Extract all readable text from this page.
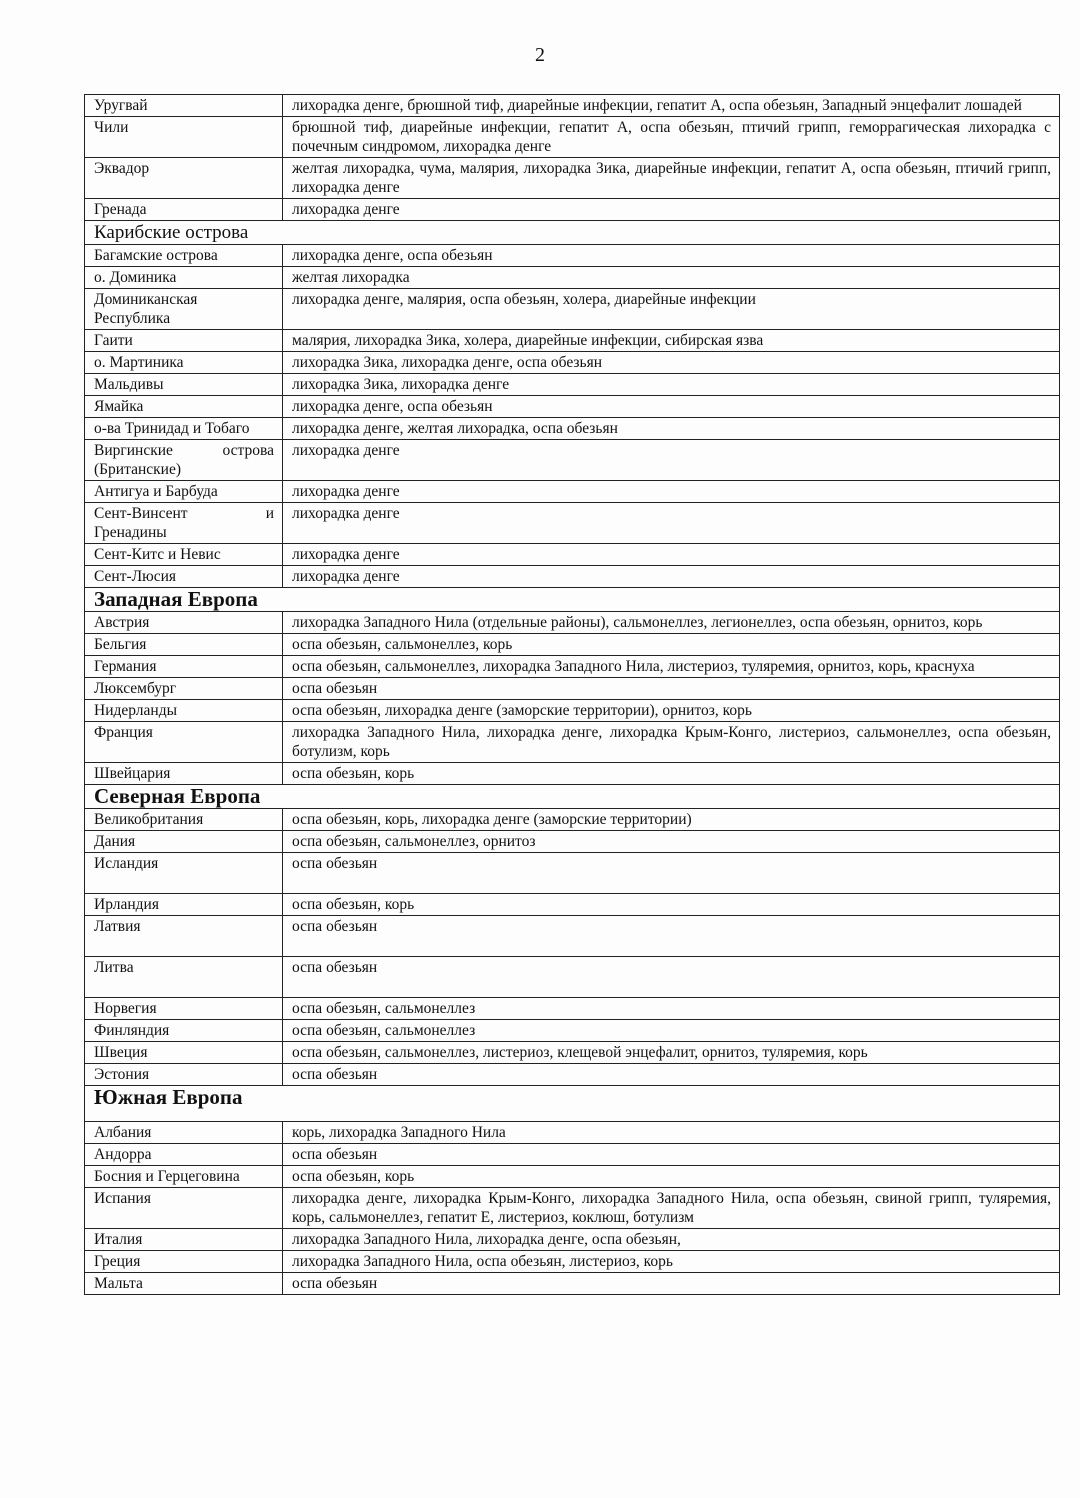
2
Уругвай	лихорадка денге, брюшной тиф, диарейные инфекции, гепатит А, оспа обезьян, Западный энцефалит лошадей
Чили	брюшной тиф, диарейные инфекции, гепатит А, оспа обезьян, птичий грипп, геморрагическая лихорадка с почечным синдромом, лихорадка денге
Эквадор	желтая лихорадка, чума, малярия, лихорадка Зика, диарейные инфекции, гепатит А, оспа обезьян, птичий грипп, лихорадка денге
Гренада	лихорадка денге
Карибские острова	
Багамские острова	лихорадка денге, оспа обезьян
о. Доминика	желтая лихорадка
Доминиканская Республика	лихорадка денге, малярия, оспа обезьян, холера, диарейные инфекции
Гаити	малярия, лихорадка Зика, холера, диарейные инфекции, сибирская язва
о. Мартиника	лихорадка Зика, лихорадка денге, оспа обезьян
Мальдивы	лихорадка Зика, лихорадка денге
Ямайка	лихорадка денге, оспа обезьян
о-ва Тринидад и Тобаго	лихорадка денге, желтая лихорадка, оспа обезьян
Виргинские острова (Британские)	лихорадка денге
Антигуа и Барбуда	лихорадка денге
Сент-Винсент и Гренадины	лихорадка денге
Сент-Китс и Невис	лихорадка денге
Сент-Люсия	лихорадка денге
Западная Европа	
Австрия	лихорадка Западного Нила (отдельные районы), сальмонеллез, легионеллез, оспа обезьян, орнитоз, корь
Бельгия	оспа обезьян, сальмонеллез, корь
Германия	оспа обезьян, сальмонеллез, лихорадка Западного Нила, листериоз, туляремия, орнитоз, корь, краснуха
Люксембург	оспа обезьян
Нидерланды	оспа обезьян, лихорадка денге (заморские территории), орнитоз, корь
Франция	лихорадка Западного Нила, лихорадка денге, лихорадка Крым-Конго, листериоз, сальмонеллез, оспа обезьян, ботулизм, корь
Швейцария	оспа обезьян, корь
Северная Европа	
Великобритания	оспа обезьян, корь, лихорадка денге (заморские территории)
Дания	оспа обезьян, сальмонеллез, орнитоз
Исландия	оспа обезьян
Ирландия	оспа обезьян, корь
Латвия	оспа обезьян
Литва	оспа обезьян
Норвегия	оспа обезьян, сальмонеллез
Финляндия	оспа обезьян, сальмонеллез
Швеция	оспа обезьян, сальмонеллез, листериоз, клещевой энцефалит, орнитоз, туляремия, корь
Эстония	оспа обезьян
Южная Европа	
Албания	корь, лихорадка Западного Нила
Андорра	оспа обезьян
Босния и Герцеговина	оспа обезьян, корь
Испания	лихорадка денге, лихорадка Крым-Конго, лихорадка Западного Нила, оспа обезьян, свиной грипп, туляремия, корь, сальмонеллез, гепатит Е, листериоз, коклюш, ботулизм
Италия	лихорадка Западного Нила, лихорадка денге, оспа обезьян,
Греция	лихорадка Западного Нила, оспа обезьян, листериоз, корь
Мальта	оспа обезьян
